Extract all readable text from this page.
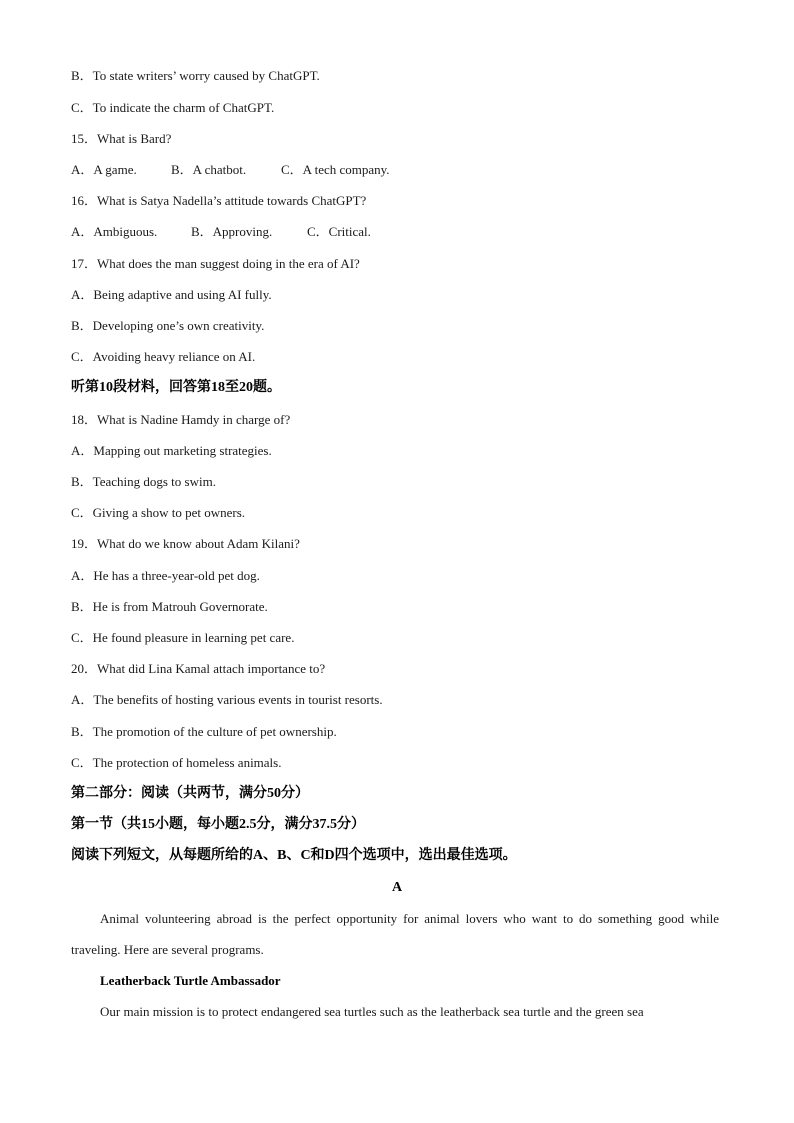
B．To state writers’ worry caused by ChatGPT.
C．To indicate the charm of ChatGPT.
15．What is Bard?
A．A game.	B．A chatbot.	C．A tech company.
16．What is Satya Nadella’s attitude towards ChatGPT?
A．Ambiguous.	B．Approving.	C．Critical.
17．What does the man suggest doing in the era of AI?
A．Being adaptive and using AI fully.
B．Developing one’s own creativity.
C．Avoiding heavy reliance on AI.
听第10段材料，回答第18至20题。
18．What is Nadine Hamdy in charge of?
A．Mapping out marketing strategies.
B．Teaching dogs to swim.
C．Giving a show to pet owners.
19．What do we know about Adam Kilani?
A．He has a three-year-old pet dog.
B．He is from Matrouh Governorate.
C．He found pleasure in learning pet care.
20．What did Lina Kamal attach importance to?
A．The benefits of hosting various events in tourist resorts.
B．The promotion of the culture of pet ownership.
C．The protection of homeless animals.
第二部分：阅读（共两节，满分50分）
第一节（共15小题，每小题2.5分，满分37.5分）
阅读下列短文，从每题所给的A、B、C和D四个选项中，选出最佳选项。
A
Animal volunteering abroad is the perfect opportunity for animal lovers who want to do something good while
traveling. Here are several programs.
Leatherback Turtle Ambassador
Our main mission is to protect endangered sea turtles such as the leatherback sea turtle and the green sea
